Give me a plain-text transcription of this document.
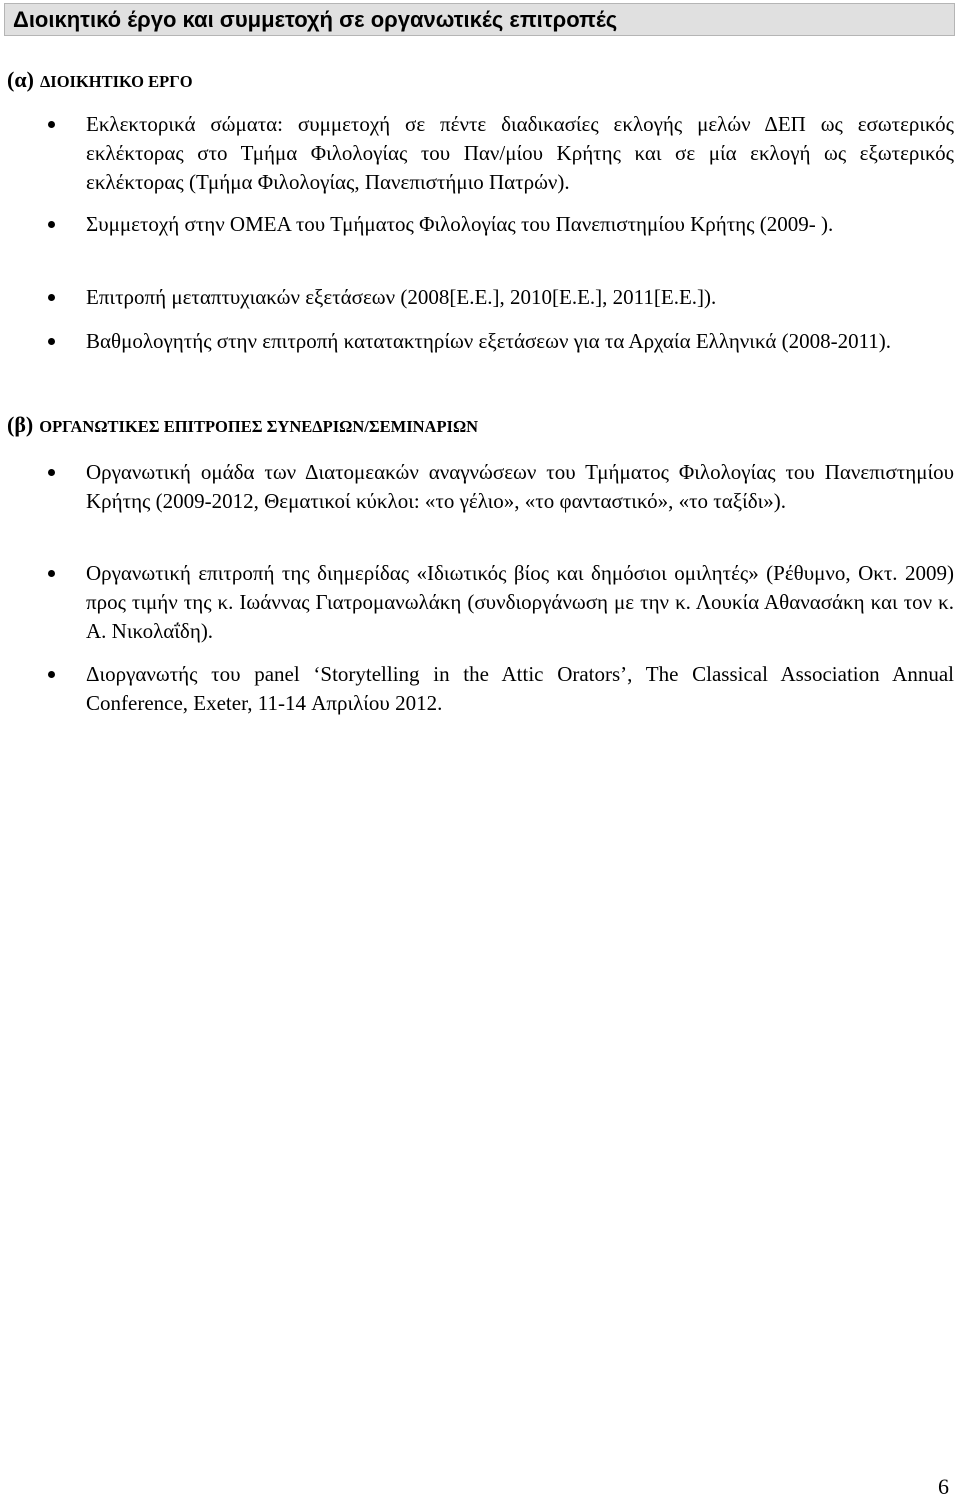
Διοικητικό έργο και συμμετοχή σε οργανωτικές επιτροπές
(α) ΔΙΟΙΚΗΤΙΚΟ ΕΡΓΟ
Εκλεκτορικά σώματα: συμμετοχή σε πέντε διαδικασίες εκλογής μελών ΔΕΠ ως εσωτερικός εκλέκτορας στο Τμήμα Φιλολογίας του Παν/μίου Κρήτης και σε μία εκλογή ως εξωτερικός εκλέκτορας (Τμήμα Φιλολογίας, Πανεπιστήμιο Πατρών).
Συμμετοχή στην ΟΜΕΑ του Τμήματος Φιλολογίας του Πανεπιστημίου Κρήτης (2009- ).
Επιτροπή μεταπτυχιακών εξετάσεων (2008[Ε.Ε.], 2010[Ε.Ε.], 2011[Ε.Ε.]).
Βαθμολογητής στην επιτροπή κατατακτηρίων εξετάσεων για τα Αρχαία Ελληνικά (2008-2011).
(β) ΟΡΓΑΝΩΤΙΚΕΣ ΕΠΙΤΡΟΠΕΣ ΣΥΝΕΔΡΙΩΝ/ΣΕΜΙΝΑΡΙΩΝ
Οργανωτική ομάδα των Διατομεακών αναγνώσεων του Τμήματος Φιλολογίας του Πανεπιστημίου Κρήτης (2009-2012, Θεματικοί κύκλοι: «το γέλιο», «το φανταστικό», «το ταξίδι»).
Οργανωτική επιτροπή της διημερίδας «Ιδιωτικός βίος και δημόσιοι ομιλητές» (Ρέθυμνο, Οκτ. 2009) προς τιμήν της κ. Ιωάννας Γιατρομανωλάκη (συνδιοργάνωση με την κ. Λουκία Αθανασάκη και τον κ. Α. Νικολαΐδη).
Διοργανωτής του panel ‘Storytelling in the Attic Orators’, The Classical Association Annual Conference, Exeter, 11-14 Απριλίου 2012.
6
